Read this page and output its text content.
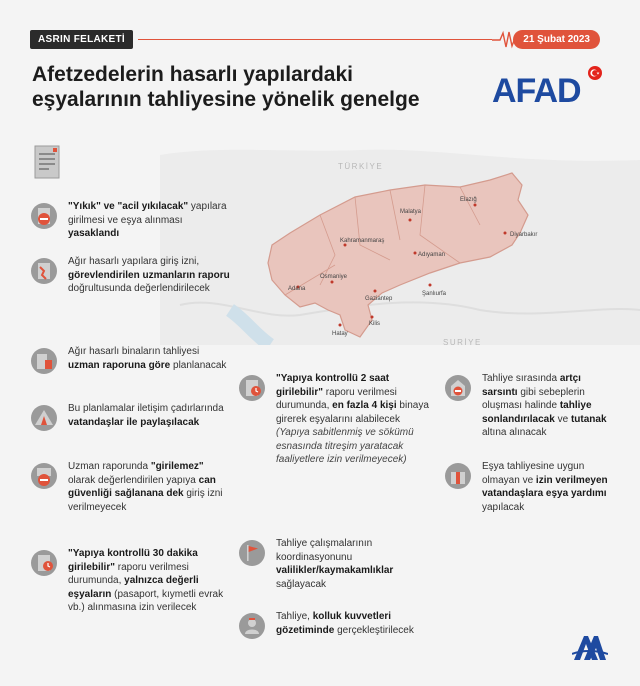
ASRIN FELAKETİ	21 Şubat 2023
Afetzedelerin hasarlı yapılardaki eşyalarının tahliyesine yönelik genelge	AFAD
TÜRKİYE
SURİYE
Elazığ
Malatya
Diyarbakır
Kahramanmaraş
Adıyaman
Adana
Osmaniye
Gaziantep
Şanlıurfa
Kilis
Hatay
"Yıkık" ve "acil yıkılacak" yapılara girilmesi ve eşya alınması yasaklandı
Ağır hasarlı yapılara giriş izni, görevlendirilen uzmanların raporu doğrultusunda değerlendirilecek
Ağır hasarlı binaların tahliyesi uzman raporuna göre planlanacak
Bu planlamalar iletişim çadırlarında vatandaşlar ile paylaşılacak
Uzman raporunda "girilemez" olarak değerlendirilen yapıya can güvenliği sağlanana dek giriş izni verilmeyecek
"Yapıya kontrollü 30 dakika girilebilir" raporu verilmesi durumunda, yalnızca değerli eşyaların (pasaport, kıymetli evrak vb.) alınmasına izin verilecek
"Yapıya kontrollü 2 saat girilebilir" raporu verilmesi durumunda, en fazla 4 kişi binaya girerek eşyalarını alabilecek
(Yapıya sabitlenmiş ve sökümü esnasında titreşim yaratacak faaliyetlere izin verilmeyecek)
Tahliye çalışmalarının koordinasyonunu valilikler/kaymakamlıklar sağlayacak
Tahliye, kolluk kuvvetleri gözetiminde gerçekleştirilecek
Tahliye sırasında artçı sarsıntı gibi sebeplerin oluşması halinde tahliye sonlandırılacak ve tutanak altına alınacak
Eşya tahliyesine uygun olmayan ve izin verilmeyen vatandaşlara eşya yardımı yapılacak
